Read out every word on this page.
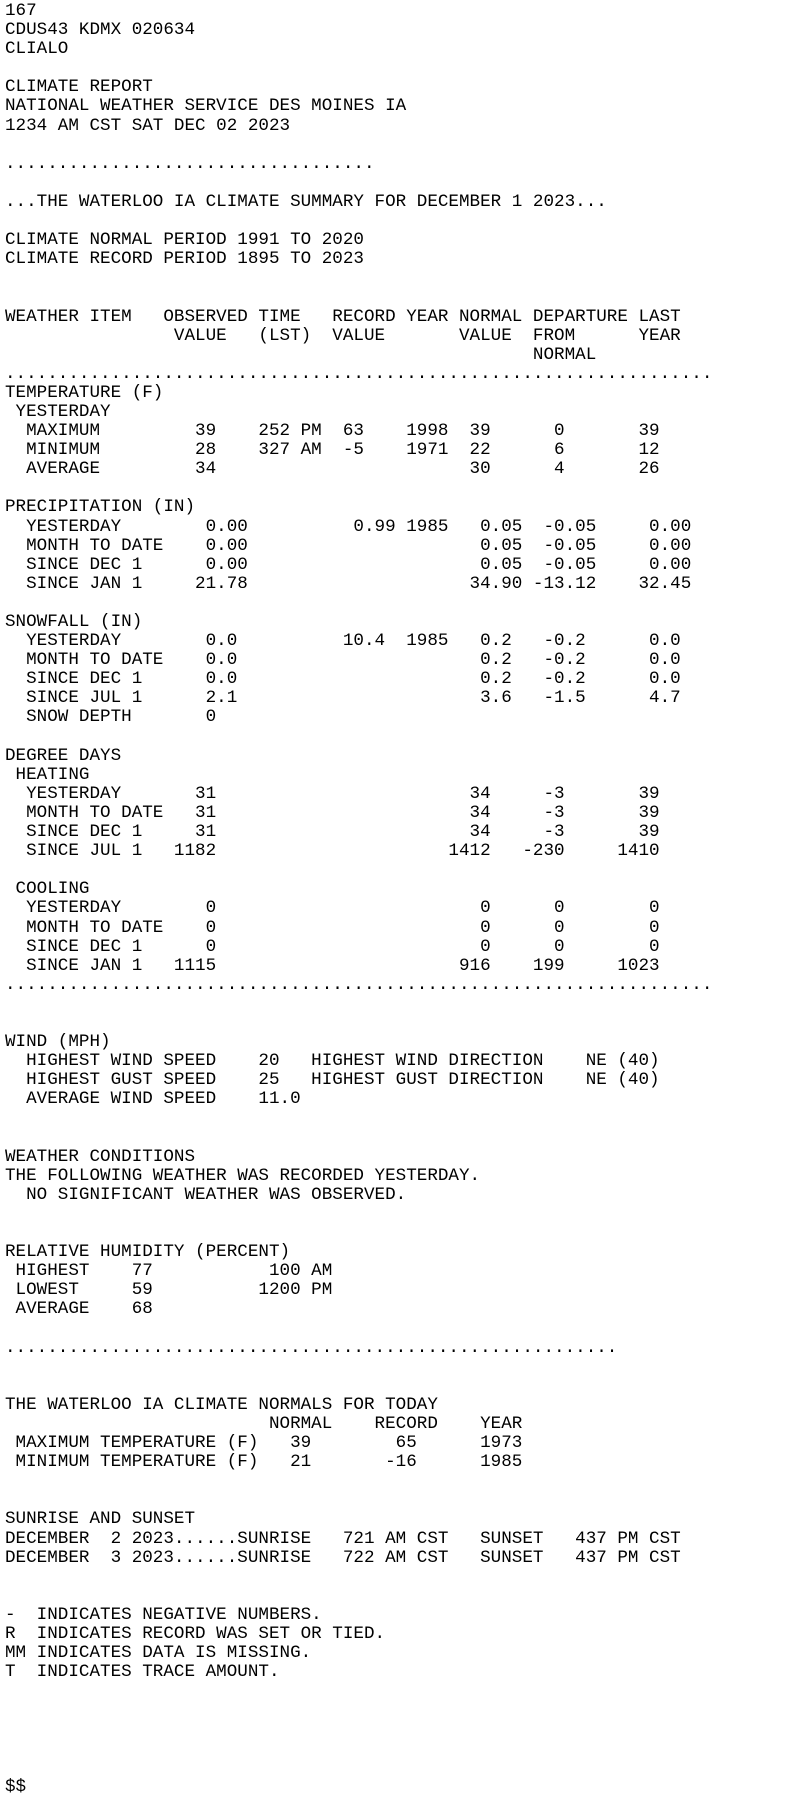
167
CDUS43 KDMX 020634
CLIALO
CLIMATE REPORT
NATIONAL WEATHER SERVICE DES MOINES IA
1234 AM CST SAT DEC 02 2023
...................................
...THE WATERLOO IA CLIMATE SUMMARY FOR DECEMBER 1 2023...
CLIMATE NORMAL PERIOD 1991 TO 2020
CLIMATE RECORD PERIOD 1895 TO 2023
WEATHER ITEM   OBSERVED TIME   RECORD YEAR NORMAL DEPARTURE LAST
VALUE   (LST)  VALUE       VALUE  FROM      YEAR
NORMAL
...................................................................
TEMPERATURE (F)
YESTERDAY
MAXIMUM         39    252 PM  63    1998  39      0       39
MINIMUM         28    327 AM  -5    1971  22      6       12
AVERAGE         34                        30      4       26
PRECIPITATION (IN)
YESTERDAY        0.00          0.99 1985   0.05  -0.05     0.00
MONTH TO DATE    0.00                      0.05  -0.05     0.00
SINCE DEC 1      0.00                      0.05  -0.05     0.00
SINCE JAN 1     21.78                     34.90 -13.12    32.45
SNOWFALL (IN)
YESTERDAY        0.0          10.4  1985   0.2   -0.2      0.0
MONTH TO DATE    0.0                       0.2   -0.2      0.0
SINCE DEC 1      0.0                       0.2   -0.2      0.0
SINCE JUL 1      2.1                       3.6   -1.5      4.7
SNOW DEPTH       0
DEGREE DAYS
HEATING
YESTERDAY       31                        34     -3       39
MONTH TO DATE   31                        34     -3       39
SINCE DEC 1     31                        34     -3       39
SINCE JUL 1   1182                      1412   -230     1410
COOLING
YESTERDAY        0                         0      0        0
MONTH TO DATE    0                         0      0        0
SINCE DEC 1      0                         0      0        0
SINCE JAN 1   1115                       916    199     1023
...................................................................
WIND (MPH)
HIGHEST WIND SPEED    20   HIGHEST WIND DIRECTION    NE (40)
HIGHEST GUST SPEED    25   HIGHEST GUST DIRECTION    NE (40)
AVERAGE WIND SPEED    11.0
WEATHER CONDITIONS
THE FOLLOWING WEATHER WAS RECORDED YESTERDAY.
NO SIGNIFICANT WEATHER WAS OBSERVED.
RELATIVE HUMIDITY (PERCENT)
HIGHEST    77           100 AM
LOWEST     59          1200 PM
AVERAGE    68
..........................................................
THE WATERLOO IA CLIMATE NORMALS FOR TODAY
NORMAL    RECORD    YEAR
MAXIMUM TEMPERATURE (F)   39        65      1973
MINIMUM TEMPERATURE (F)   21       -16      1985
SUNRISE AND SUNSET
DECEMBER  2 2023......SUNRISE   721 AM CST   SUNSET   437 PM CST
DECEMBER  3 2023......SUNRISE   722 AM CST   SUNSET   437 PM CST
-  INDICATES NEGATIVE NUMBERS.
R  INDICATES RECORD WAS SET OR TIED.
MM INDICATES DATA IS MISSING.
T  INDICATES TRACE AMOUNT.
$$
